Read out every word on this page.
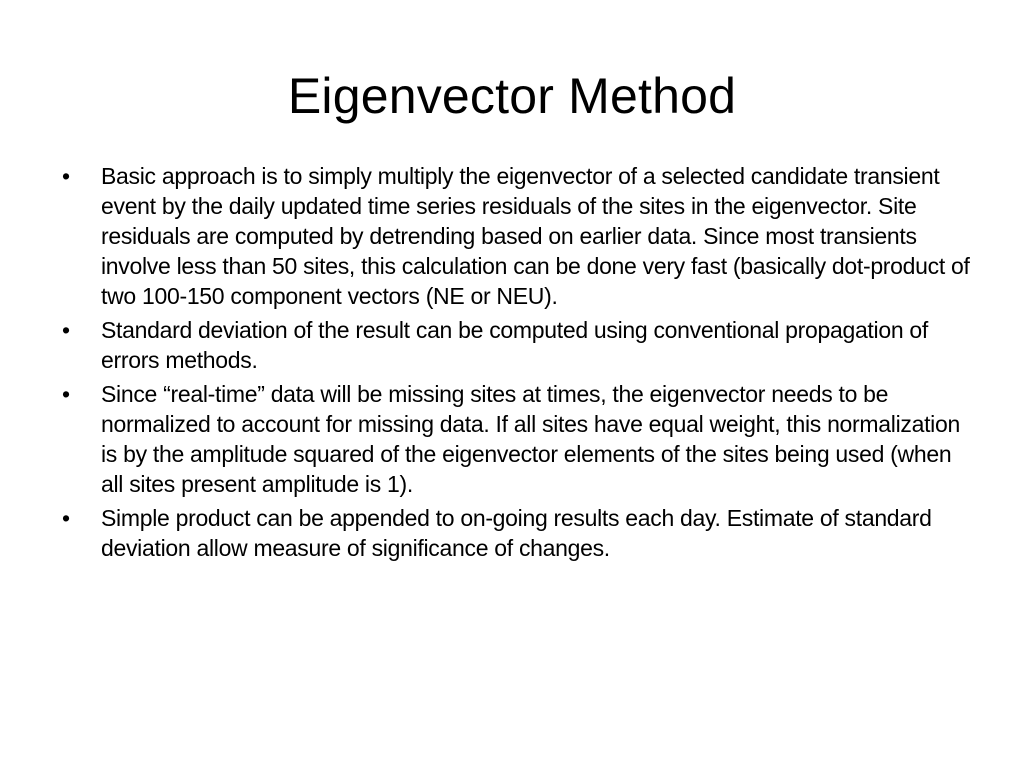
Eigenvector Method
•	Basic approach is to simply multiply the eigenvector of a selected candidate transient event by the daily updated time series residuals of the sites in the eigenvector. Site residuals are computed by detrending based on earlier data. Since most transients involve less than 50 sites, this calculation can be done very fast (basically dot-product of two 100-150 component vectors (NE or NEU).
•	Standard deviation of the result can be computed using conventional propagation of errors methods.
•	Since “real-time” data will be missing sites at times, the eigenvector needs to be normalized to account for missing data. If all sites have equal weight, this normalization is by the amplitude squared of the eigenvector elements of the sites being used (when all sites present amplitude is 1).
•	Simple product can be appended to on-going results each day. Estimate of standard deviation allow measure of significance of changes.
